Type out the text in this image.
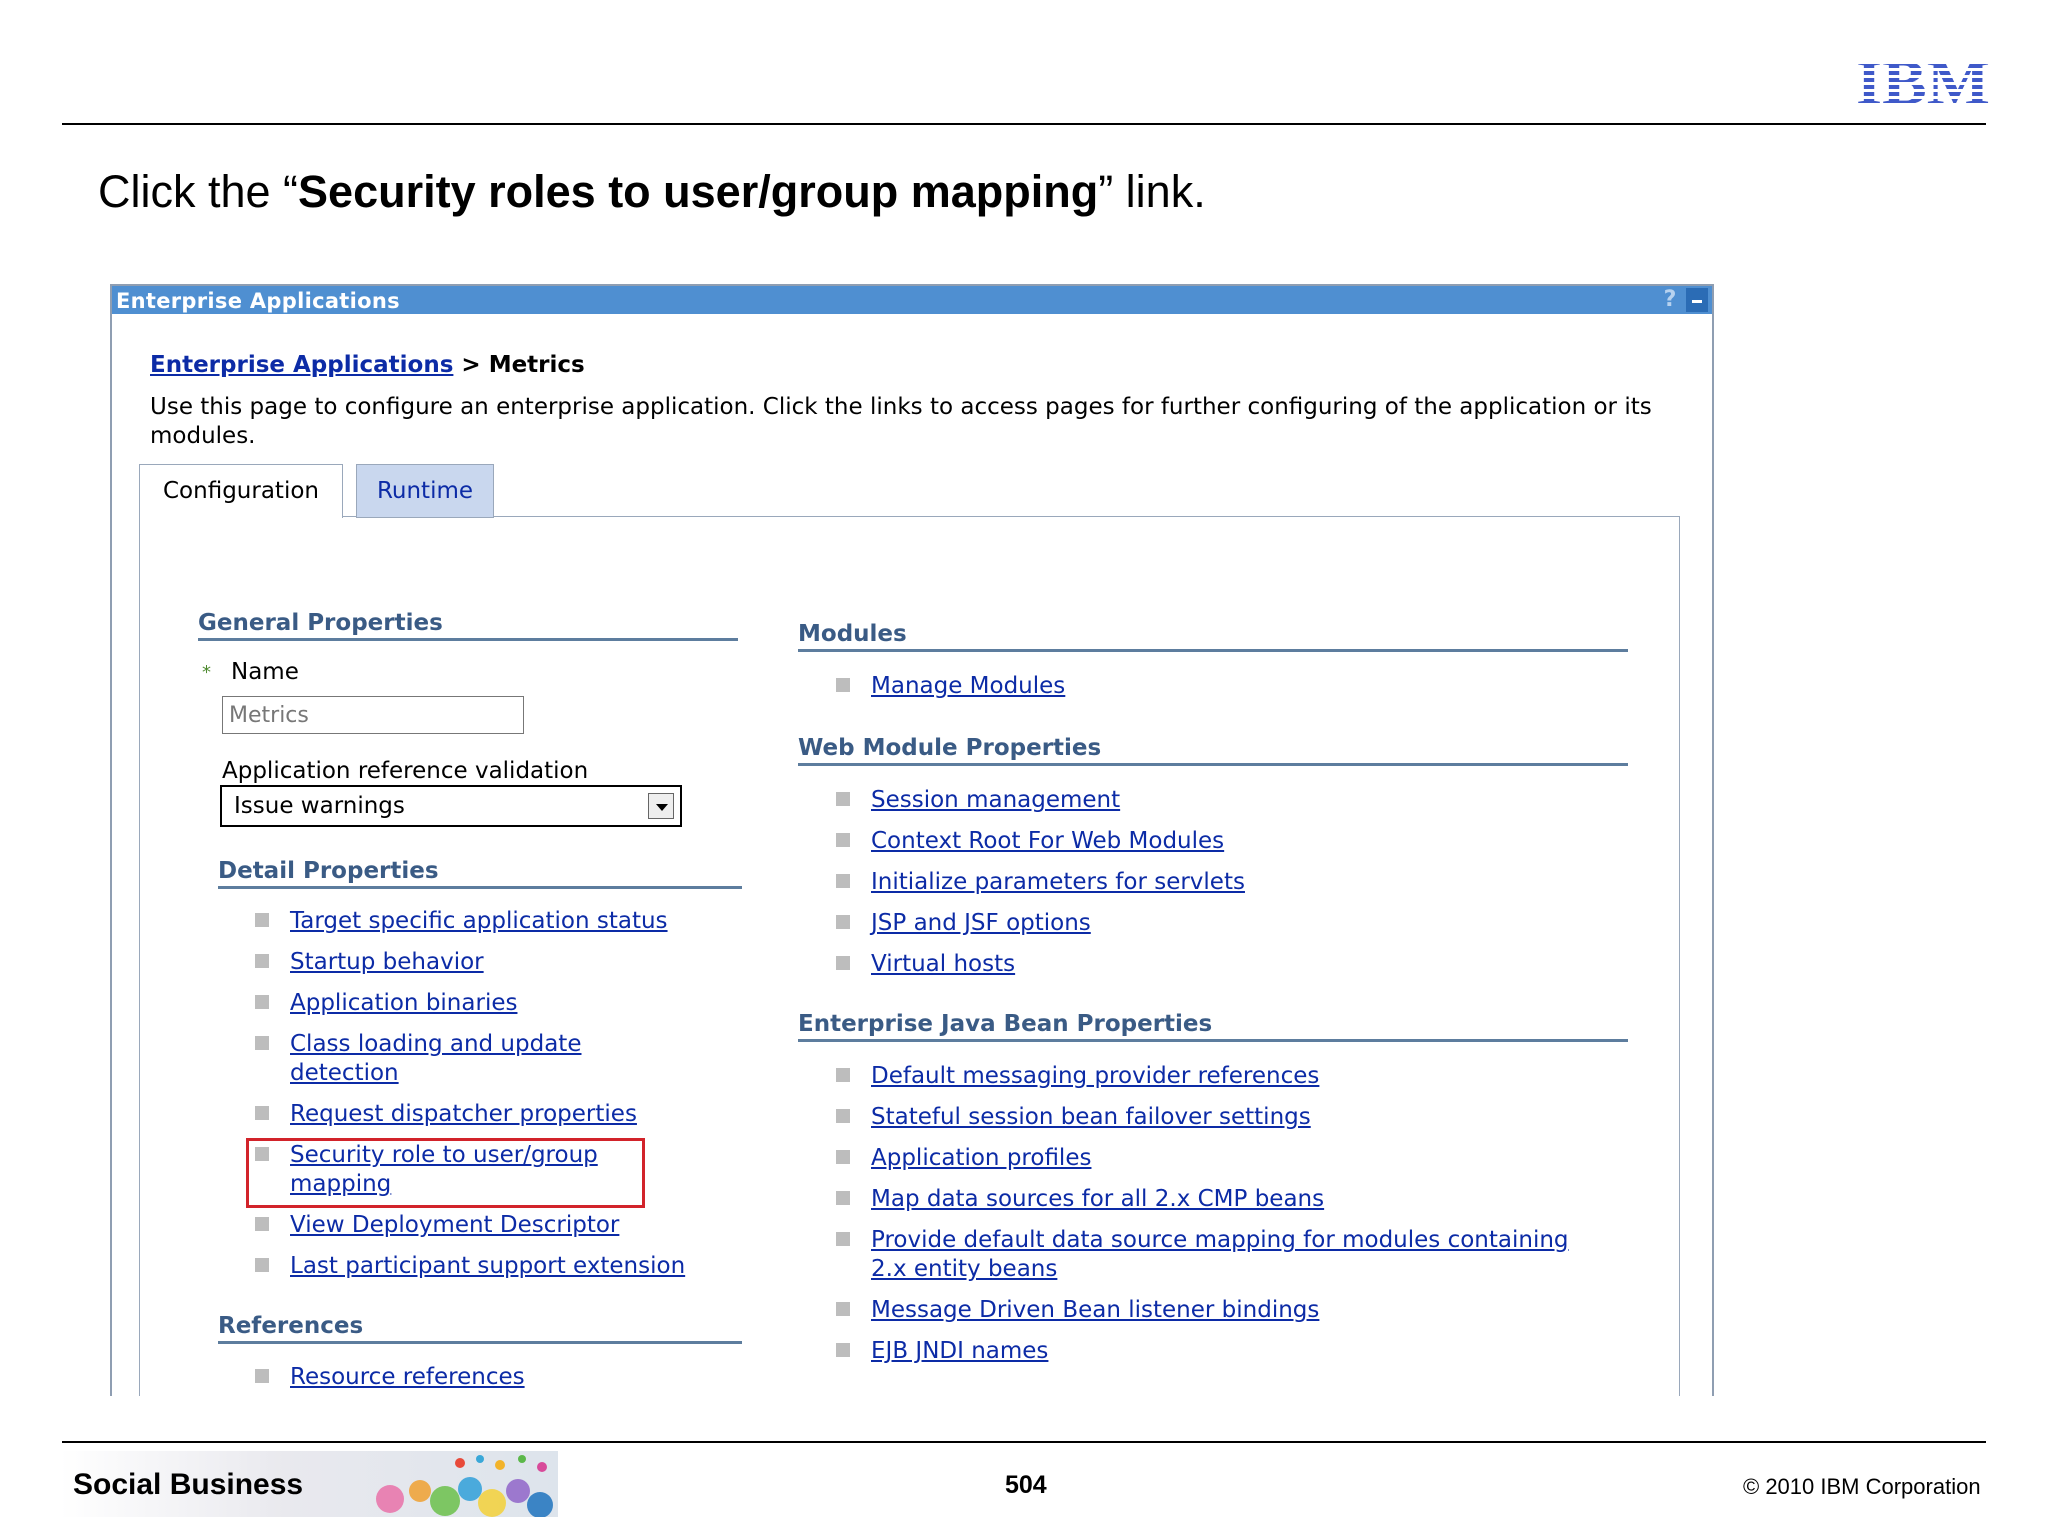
Click the “Security roles to user/group mapping” link.
Enterprise Applications	?
Enterprise Applications > Metrics
Use this page to configure an enterprise application. Click the links to access pages for further configuring of the application or its modules.
Configuration	Runtime
General Properties
* Name
Metrics
Application reference validation
Issue warnings
Detail Properties
Target specific application status
Startup behavior
Application binaries
Class loading and update detection
Request dispatcher properties
Security role to user/group mapping
View Deployment Descriptor
Last participant support extension
References
Resource references
Modules
Manage Modules
Web Module Properties
Session management
Context Root For Web Modules
Initialize parameters for servlets
JSP and JSF options
Virtual hosts
Enterprise Java Bean Properties
Default messaging provider references
Stateful session bean failover settings
Application profiles
Map data sources for all 2.x CMP beans
Provide default data source mapping for modules containing 2.x entity beans
Message Driven Bean listener bindings
EJB JNDI names
Social Business	504	© 2010 IBM Corporation
